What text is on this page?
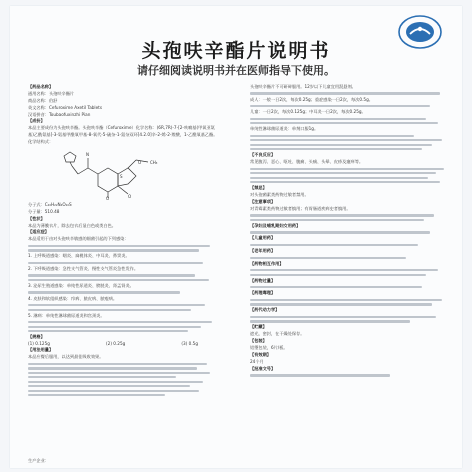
头孢呋辛酯片说明书

请仔细阅读说明书并在医师指导下使用。

【药品名称】

通用名称：头孢呋辛酯片

商品名称：伯舒

英文名称：Cefuroxime Axetil Tablets

汉语拼音：Toubaofuxinzhi Pian

【成份】

本品主要成份为头孢呋辛酯。头孢呋辛酯（Cefuroxime）化学名称：(6R,7R)-7-[2-呋喃基(甲氧亚氨基)乙酰氨基]-3-氨基甲酰氧甲基-8-氧代-5-硫杂-1-氮杂双环[4.2.0]辛-2-烯-2-羧酸，1-乙酰氧基乙酯。

化学结构式：

N
O CH₃
O	O
S

分子式：C₂₀H₂₂N₄O₁₀S

分子量：510.48

【性状】

本品为薄膜衣片，除去包衣后显白色或类白色。

【适应症】

本品适用于由对头孢呋辛敏感的细菌引起的下列感染：

1. 上呼吸道感染：咽炎、扁桃体炎、中耳炎、鼻窦炎。

2. 下呼吸道感染：急性支气管炎、慢性支气管炎急性发作。

3. 泌尿生殖道感染：单纯性尿道炎、膀胱炎、肾盂肾炎。

4. 皮肤和软组织感染：疖病、脓皮病、脓疱病。

5. 淋病：单纯性淋球菌尿道炎和宫颈炎。

【规格】

(1) 0.125g	(2) 0.25g	(3) 0.5g

【用法用量】

本品应餐后服用，以达到最佳吸收效果。

头孢呋辛酯片不可研碎服用。12岁以下儿童宜用混悬剂。

成人：一般一日2次，每次0.25g；重症感染一日2次，每次0.5g。

儿童：一日2次，每次0.125g；中耳炎一日2次，每次0.25g。

单纯性淋球菌尿道炎：单剂口服1g。

【不良反应】

常见腹泻、恶心、呕吐、腹痛、头痛、头晕、皮疹及瘙痒等。

【禁忌】

对头孢菌素类药物过敏者禁用。

【注意事项】

对青霉素类药物过敏者慎用；有胃肠道疾病史者慎用。

【孕妇及哺乳期妇女用药】

【儿童用药】

【老年用药】

【药物相互作用】

【药物过量】

【药理毒理】

【药代动力学】

【贮藏】

遮光，密封，在干燥处保存。

【包装】

铝塑包装，6片/板。

【有效期】

24个月

【批准文号】

生产企业：
